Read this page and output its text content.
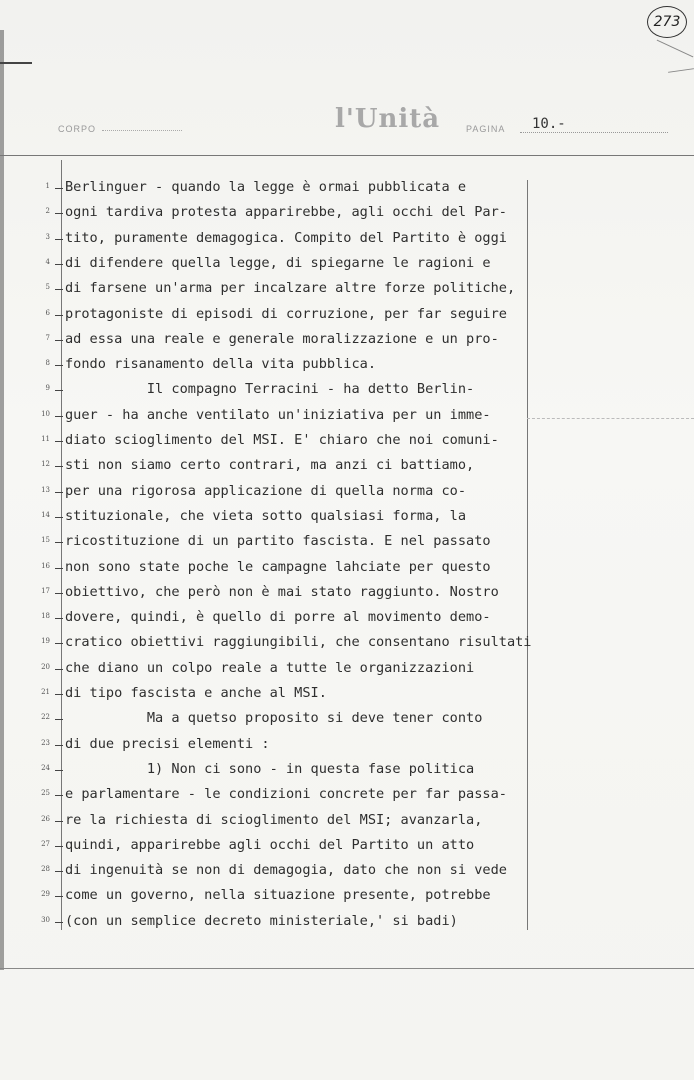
273
CORPO	l'Unità	PAGINA 10.-
1 Berlinguer - quando la legge è ormai pubblicata e
2 ogni tardiva protesta apparirebbe, agli occhi del Par-
3 tito, puramente demagogica. Compito del Partito è oggi
4 di difendere quella legge, di spiegarne le ragioni e
5 di farsene un'arma per incalzare altre forze politiche,
6 protagoniste di episodi di corruzione, per far seguire
7 ad essa una reale e generale moralizzazione e un pro-
8 fondo risanamento della vita pubblica.
9 Il compagno Terracini - ha detto Berlin-
10 guer - ha anche ventilato un'iniziativa per un imme-
11 diato scioglimento del MSI. E' chiaro che noi comuni-
12 sti non siamo certo contrari, ma anzi ci battiamo,
13 per una rigorosa applicazione di quella norma co-
14 stituzionale, che vieta sotto qualsiasi forma, la
15 ricostituzione di un partito fascista. E nel passato
16 non sono state poche le campagne lahciate per questo
17 obiettivo, che però non è mai stato raggiunto. Nostro
18 dovere, quindi, è quello di porre al movimento demo-
19 cratico obiettivi raggiungibili, che consentano risultati
20 che diano un colpo reale a tutte le organizzazioni
21 di tipo fascista e anche al MSI.
22 Ma a quetso proposito si deve tener conto
23 di due precisi elementi :
24 1) Non ci sono - in questa fase politica
25 e parlamentare - le condizioni concrete per far passa-
26 re la richiesta di scioglimento del MSI; avanzarla,
27 quindi, apparirebbe agli occhi del Partito un atto
28 di ingenuità se non di demagogia, dato che non si vede
29 come un governo, nella situazione presente, potrebbe
30 (con un semplice decreto ministeriale,' si badi)
